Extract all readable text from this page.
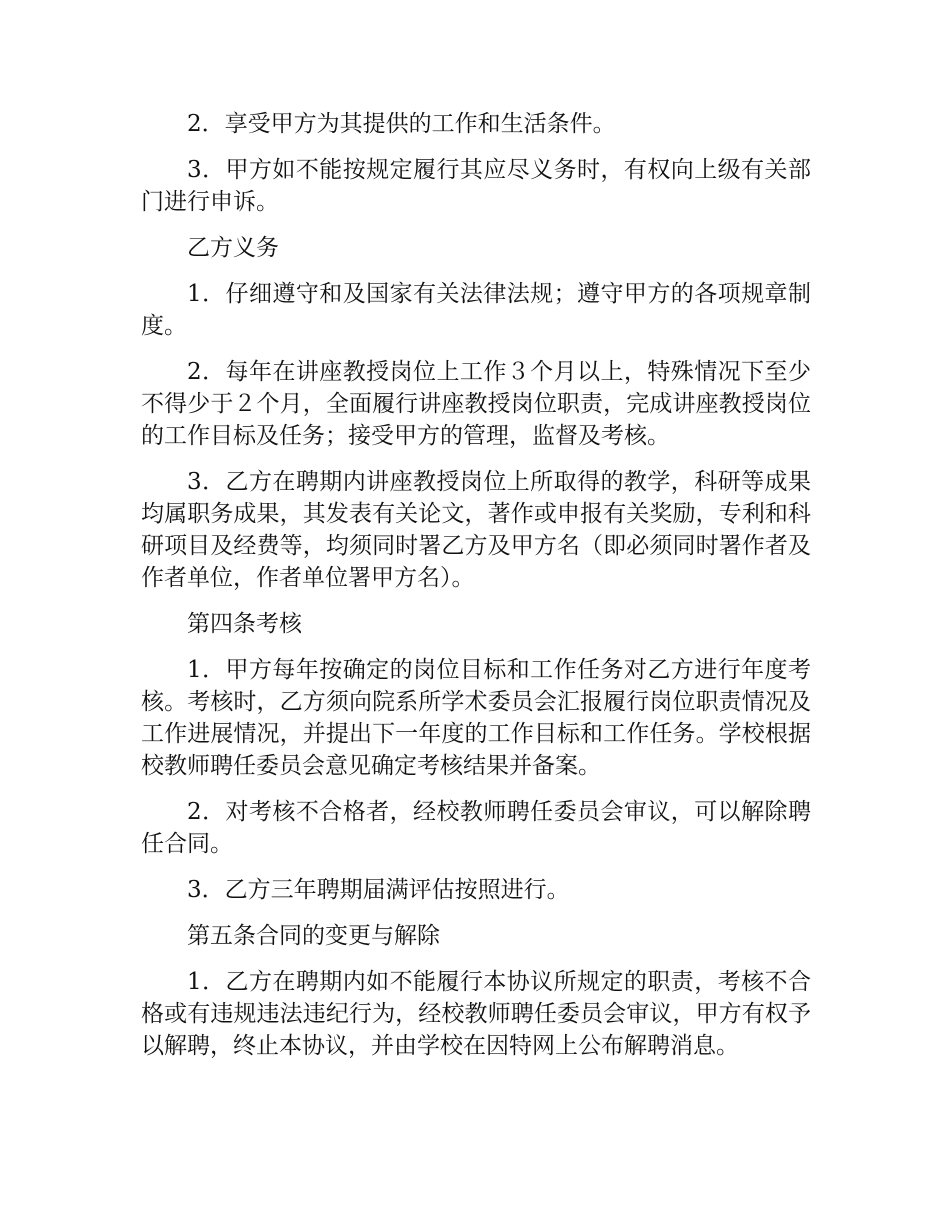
2．享受甲方为其提供的工作和生活条件。

3．甲方如不能按规定履行其应尽义务时，有权向上级有关部门进行申诉。

乙方义务

1．仔细遵守和及国家有关法律法规；遵守甲方的各项规章制度。

2．每年在讲座教授岗位上工作３个月以上，特殊情况下至少不得少于２个月，全面履行讲座教授岗位职责，完成讲座教授岗位的工作目标及任务；接受甲方的管理，监督及考核。

3．乙方在聘期内讲座教授岗位上所取得的教学，科研等成果均属职务成果，其发表有关论文，著作或申报有关奖励，专利和科研项目及经费等，均须同时署乙方及甲方名（即必须同时署作者及作者单位，作者单位署甲方名）。

第四条考核

1．甲方每年按确定的岗位目标和工作任务对乙方进行年度考核。考核时，乙方须向院系所学术委员会汇报履行岗位职责情况及工作进展情况，并提出下一年度的工作目标和工作任务。学校根据校教师聘任委员会意见确定考核结果并备案。

2．对考核不合格者，经校教师聘任委员会审议，可以解除聘任合同。

3．乙方三年聘期届满评估按照进行。

第五条合同的变更与解除

1．乙方在聘期内如不能履行本协议所规定的职责，考核不合格或有违规违法违纪行为，经校教师聘任委员会审议，甲方有权予以解聘，终止本协议，并由学校在因特网上公布解聘消息。
